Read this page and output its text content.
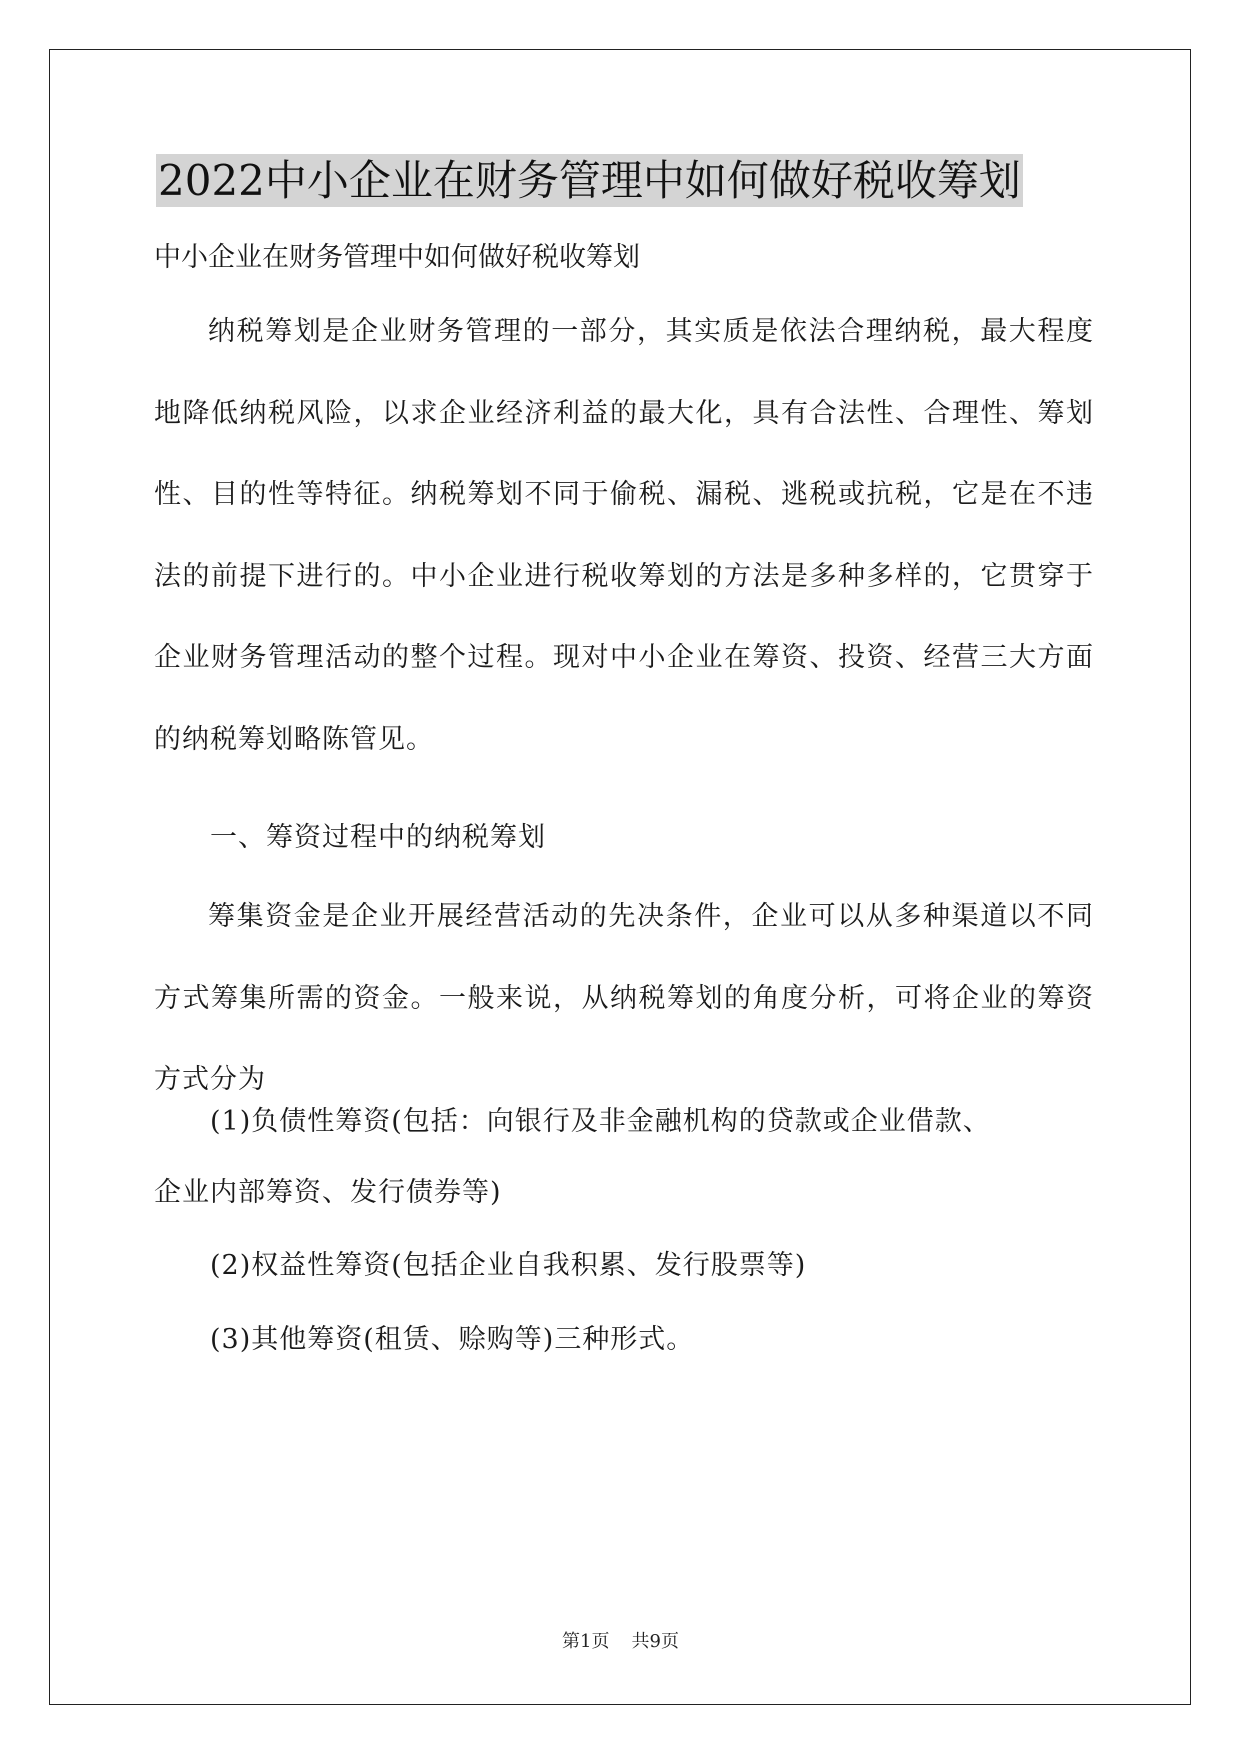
2022中小企业在财务管理中如何做好税收筹划

中小企业在财务管理中如何做好税收筹划

纳税筹划是企业财务管理的一部分，其实质是依法合理纳税，最大程度地降低纳税风险，以求企业经济利益的最大化，具有合法性、合理性、筹划性、目的性等特征。纳税筹划不同于偷税、漏税、逃税或抗税，它是在不违法的前提下进行的。中小企业进行税收筹划的方法是多种多样的，它贯穿于企业财务管理活动的整个过程。现对中小企业在筹资、投资、经营三大方面的纳税筹划略陈管见。

一、筹资过程中的纳税筹划

筹集资金是企业开展经营活动的先决条件，企业可以从多种渠道以不同方式筹集所需的资金。一般来说，从纳税筹划的角度分析，可将企业的筹资方式分为

(1)负债性筹资(包括：向银行及非金融机构的贷款或企业借款、

企业内部筹资、发行债券等)

(2)权益性筹资(包括企业自我积累、发行股票等)

(3)其他筹资(租赁、赊购等)三种形式。

第1页 共9页
